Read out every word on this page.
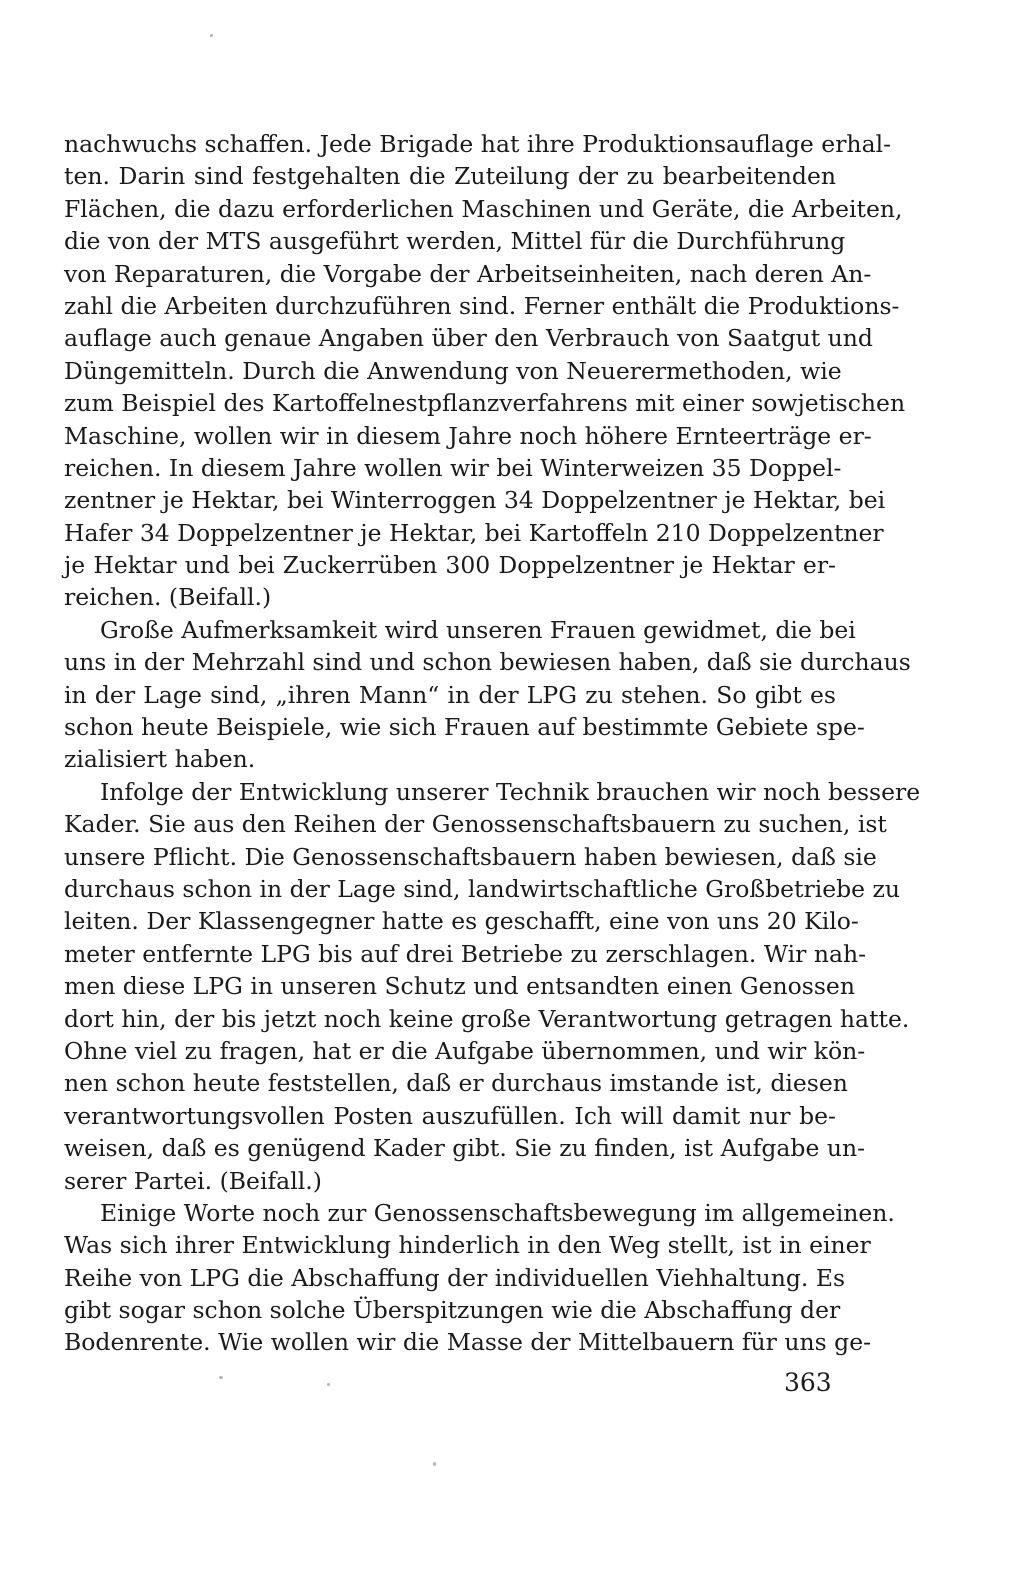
nachwuchs schaffen. Jede Brigade hat ihre Produktionsauflage erhal-
ten. Darin sind festgehalten die Zuteilung der zu bearbeitenden
Flächen, die dazu erforderlichen Maschinen und Geräte, die Arbeiten,
die von der MTS ausgeführt werden, Mittel für die Durchführung
von Reparaturen, die Vorgabe der Arbeitseinheiten, nach deren An-
zahl die Arbeiten durchzuführen sind. Ferner enthält die Produktions-
auflage auch genaue Angaben über den Verbrauch von Saatgut und
Düngemitteln. Durch die Anwendung von Neuerermethoden, wie
zum Beispiel des Kartoffelnestpflanzverfahrens mit einer sowjetischen
Maschine, wollen wir in diesem Jahre noch höhere Ernteerträge er-
reichen. In diesem Jahre wollen wir bei Winterweizen 35 Doppel-
zentner je Hektar, bei Winterroggen 34 Doppelzentner je Hektar, bei
Hafer 34 Doppelzentner je Hektar, bei Kartoffeln 210 Doppelzentner
je Hektar und bei Zuckerrüben 300 Doppelzentner je Hektar er-
reichen. (Beifall.)
Große Aufmerksamkeit wird unseren Frauen gewidmet, die bei
uns in der Mehrzahl sind und schon bewiesen haben, daß sie durchaus
in der Lage sind, „ihren Mann“ in der LPG zu stehen. So gibt es
schon heute Beispiele, wie sich Frauen auf bestimmte Gebiete spe-
zialisiert haben.
Infolge der Entwicklung unserer Technik brauchen wir noch bessere
Kader. Sie aus den Reihen der Genossenschaftsbauern zu suchen, ist
unsere Pflicht. Die Genossenschaftsbauern haben bewiesen, daß sie
durchaus schon in der Lage sind, landwirtschaftliche Großbetriebe zu
leiten. Der Klassengegner hatte es geschafft, eine von uns 20 Kilo-
meter entfernte LPG bis auf drei Betriebe zu zerschlagen. Wir nah-
men diese LPG in unseren Schutz und entsandten einen Genossen
dort hin, der bis jetzt noch keine große Verantwortung getragen hatte.
Ohne viel zu fragen, hat er die Aufgabe übernommen, und wir kön-
nen schon heute feststellen, daß er durchaus imstande ist, diesen
verantwortungsvollen Posten auszufüllen. Ich will damit nur be-
weisen, daß es genügend Kader gibt. Sie zu finden, ist Aufgabe un-
serer Partei. (Beifall.)
Einige Worte noch zur Genossenschaftsbewegung im allgemeinen.
Was sich ihrer Entwicklung hinderlich in den Weg stellt, ist in einer
Reihe von LPG die Abschaffung der individuellen Viehhaltung. Es
gibt sogar schon solche Überspitzungen wie die Abschaffung der
Bodenrente. Wie wollen wir die Masse der Mittelbauern für uns ge-
363
